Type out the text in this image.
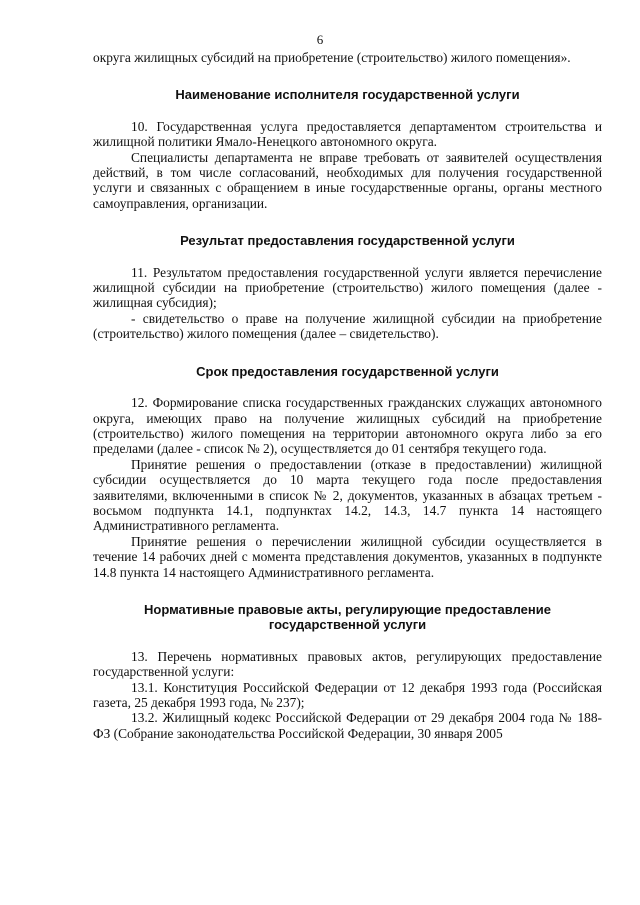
6

округа жилищных субсидий на приобретение (строительство) жилого помещения».

Наименование исполнителя государственной услуги

10. Государственная услуга предоставляется департаментом строительства и жилищной политики Ямало-Ненецкого автономного округа.

Специалисты департамента не вправе требовать от заявителей осуществления действий, в том числе согласований, необходимых для получения государственной услуги и связанных с обращением в иные государственные органы, органы местного самоуправления, организации.

Результат предоставления государственной услуги

11. Результатом предоставления государственной услуги является перечисление жилищной субсидии на приобретение (строительство) жилого помещения (далее - жилищная субсидия);

- свидетельство о праве на получение жилищной субсидии на приобретение (строительство) жилого помещения (далее – свидетельство).

Срок предоставления государственной услуги

12. Формирование списка государственных гражданских служащих автономного округа, имеющих право на получение жилищных субсидий на приобретение (строительство) жилого помещения на территории автономного округа либо за его пределами (далее - список № 2), осуществляется до 01 сентября текущего года.

Принятие решения о предоставлении (отказе в предоставлении) жилищной субсидии осуществляется до 10 марта текущего года после предоставления заявителями, включенными в список № 2, документов, указанных в абзацах третьем - восьмом подпункта 14.1, подпунктах 14.2, 14.3, 14.7 пункта 14 настоящего Административного регламента.

Принятие решения о перечислении жилищной субсидии осуществляется в течение 14 рабочих дней с момента представления документов, указанных в подпункте 14.8 пункта 14 настоящего Административного регламента.

Нормативные правовые акты, регулирующие предоставление
государственной услуги

13. Перечень нормативных правовых актов, регулирующих предоставление государственной услуги:

13.1. Конституция Российской Федерации от 12 декабря 1993 года (Российская газета, 25 декабря 1993 года, № 237);

13.2. Жилищный кодекс Российской Федерации от 29 декабря 2004 года № 188-ФЗ (Собрание законодательства Российской Федерации, 30 января 2005
